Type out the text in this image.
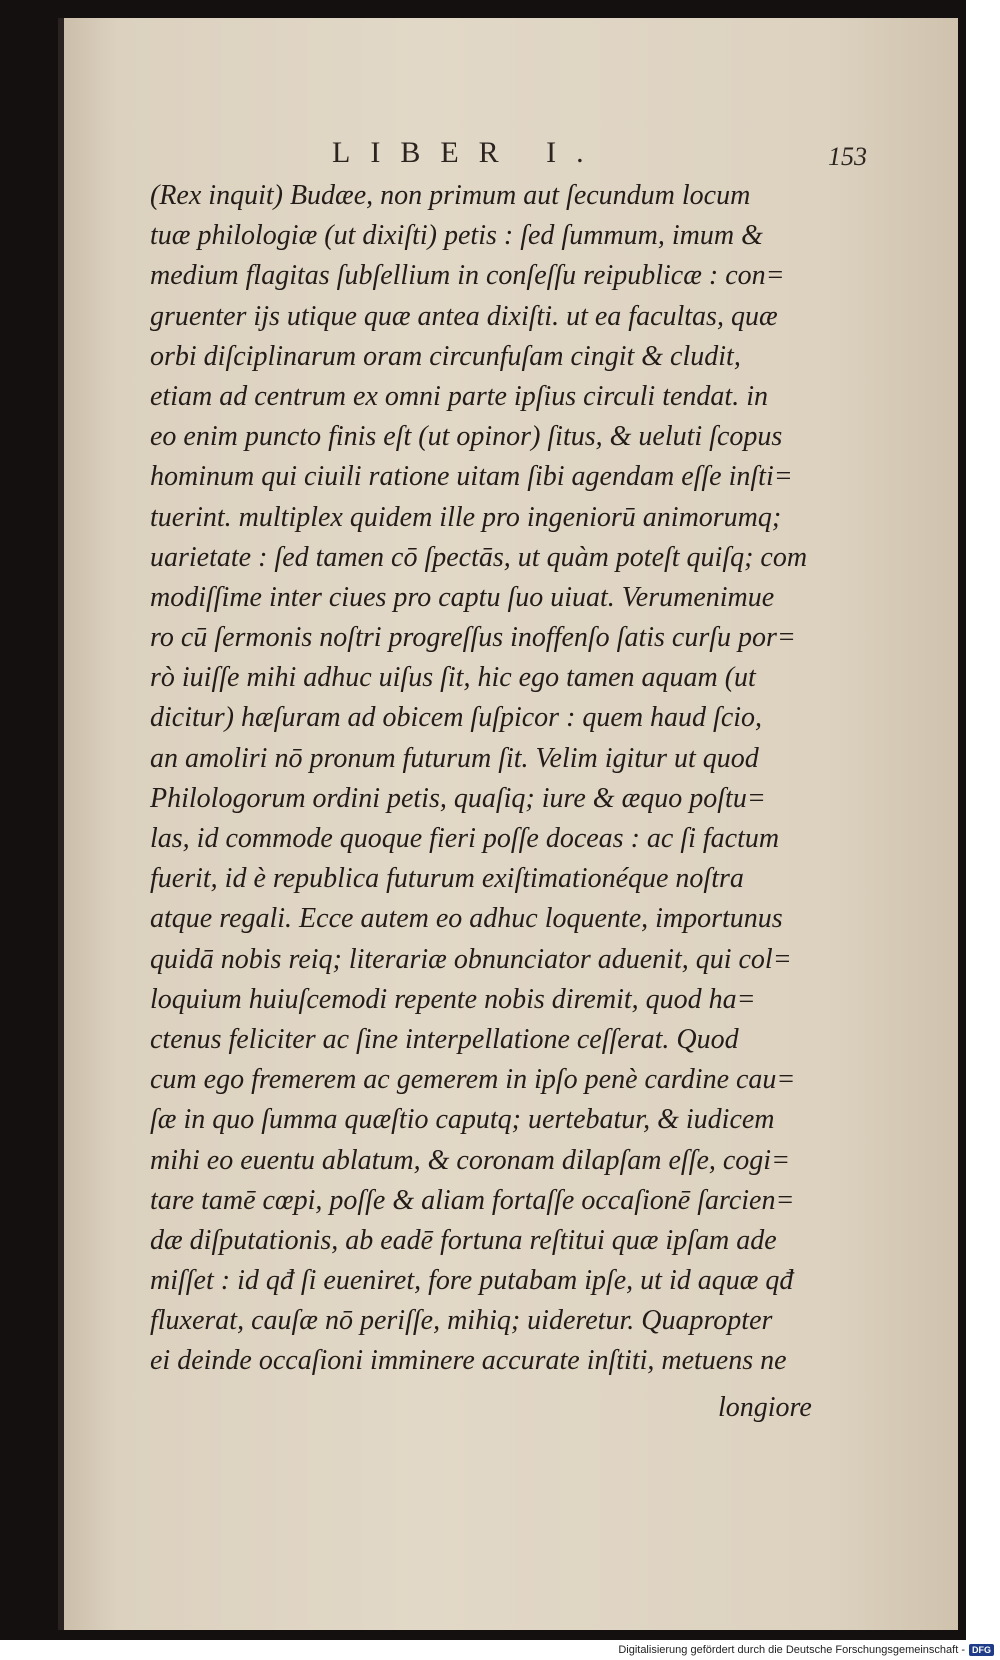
LIBER I.	153
(Rex inquit) Budæe, non primum aut ſecundum locum
tuæ philologiæ (ut dixiſti) petis : ſed ſummum, imum &
medium flagitas ſubſellium in conſeſſu reipublicæ : con=
gruenter ijs utique quæ antea dixiſti. ut ea facultas, quæ
orbi diſciplinarum oram circunfuſam cingit & cludit,
etiam ad centrum ex omni parte ipſius circuli tendat. in
eo enim puncto finis eſt (ut opinor) ſitus, & ueluti ſcopus
hominum qui ciuili ratione uitam ſibi agendam eſſe inſti=
tuerint. multiplex quidem ille pro ingeniorū animorumq;
uarietate : ſed tamen cō ſpectās, ut quàm poteſt quiſq; com
modiſſime inter ciues pro captu ſuo uiuat. Verumenimue
ro cū ſermonis noſtri progreſſus inoffenſo ſatis curſu por=
rò iuiſſe mihi adhuc uiſus ſit, hic ego tamen aquam (ut
dicitur) hæſuram ad obicem ſuſpicor : quem haud ſcio,
an amoliri nō pronum futurum ſit. Velim igitur ut quod
Philologorum ordini petis, quaſiq; iure & æquo poſtu=
las, id commode quoque fieri poſſe doceas : ac ſi factum
fuerit, id è republica futurum exiſtimationéque noſtra
atque regali. Ecce autem eo adhuc loquente, importunus
quidā nobis reiq; literariæ obnunciator aduenit, qui col=
loquium huiuſcemodi repente nobis diremit, quod ha=
ctenus feliciter ac ſine interpellatione ceſſerat. Quod
cum ego fremerem ac gemerem in ipſo penè cardine cau=
ſæ in quo ſumma quæſtio caputq; uertebatur, & iudicem
mihi eo euentu ablatum, & coronam dilapſam eſſe, cogi=
tare tamē cœpi, poſſe & aliam fortaſſe occaſionē ſarcien=
dæ diſputationis, ab eadē fortuna reſtitui quæ ipſam ade
miſſet : id qđ ſi eueniret, fore putabam ipſe, ut id aquæ qđ
fluxerat, cauſæ nō periſſe, mihiq; uideretur. Quapropter
ei deinde occaſioni imminere accurate inſtiti, metuens ne
longiore
Digitalisierung gefördert durch die Deutsche Forschungsgemeinschaft - DFG
